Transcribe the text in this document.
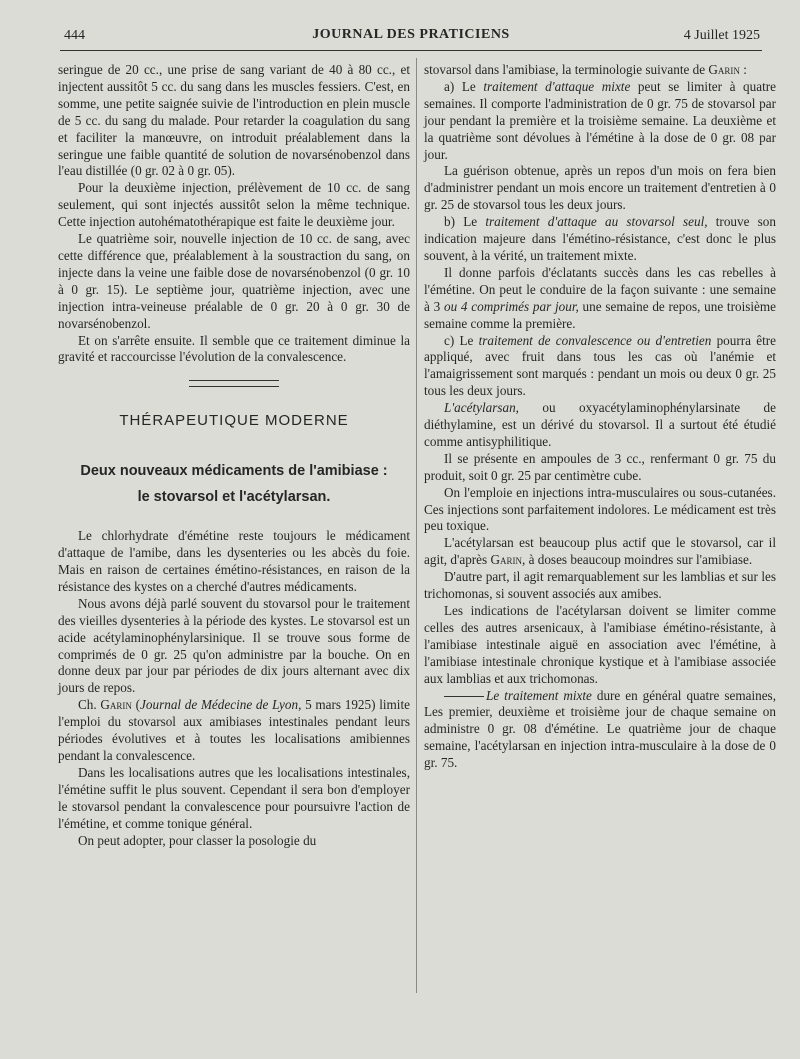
444	JOURNAL DES PRATICIENS	4 Juillet 1925

seringue de 20 cc., une prise de sang variant de 40 à 80 cc., et injectent aussitôt 5 cc. du sang dans les muscles fessiers. C'est, en somme, une petite saignée suivie de l'introduction en plein muscle de 5 cc. du sang du malade. Pour retarder la coagulation du sang et faciliter la manœuvre, on introduit préalablement dans la seringue une faible quantité de solution de novarsénobenzol dans l'eau distillée (0 gr. 02 à 0 gr. 05).

Pour la deuxième injection, prélèvement de 10 cc. de sang seulement, qui sont injectés aussitôt selon la même technique. Cette injection autohématothérapique est faite le deuxième jour.

Le quatrième soir, nouvelle injection de 10 cc. de sang, avec cette différence que, préalablement à la soustraction du sang, on injecte dans la veine une faible dose de novarsénobenzol (0 gr. 10 à 0 gr. 15). Le septième jour, quatrième injection, avec une injection intra-veineuse préalable de 0 gr. 20 à 0 gr. 30 de novarsénobenzol.

Et on s'arrête ensuite. Il semble que ce traitement diminue la gravité et raccourcisse l'évolution de la convalescence.

THÉRAPEUTIQUE MODERNE

Deux nouveaux médicaments de l'amibiase :
le stovarsol et l'acétylarsan.

Le chlorhydrate d'émétine reste toujours le médicament d'attaque de l'amibe, dans les dysenteries ou les abcès du foie. Mais en raison de certaines émétino-résistances, en raison de la résistance des kystes on a cherché d'autres médicaments.

Nous avons déjà parlé souvent du stovarsol pour le traitement des vieilles dysenteries à la période des kystes. Le stovarsol est un acide acétylaminophénylarsinique. Il se trouve sous forme de comprimés de 0 gr. 25 qu'on administre par la bouche. On en donne deux par jour par périodes de dix jours alternant avec dix jours de repos.

Ch. Garin (Journal de Médecine de Lyon, 5 mars 1925) limite l'emploi du stovarsol aux amibiases intestinales pendant leurs périodes évolutives et à toutes les localisations amibiennes pendant la convalescence.

Dans les localisations autres que les localisations intestinales, l'émétine suffit le plus souvent. Cependant il sera bon d'employer le stovarsol pendant la convalescence pour poursuivre l'action de l'émétine, et comme tonique général.

On peut adopter, pour classer la posologie du

stovarsol dans l'amibiase, la terminologie suivante de Garin :

a) Le traitement d'attaque mixte peut se limiter à quatre semaines. Il comporte l'administration de 0 gr. 75 de stovarsol par jour pendant la première et la troisième semaine. La deuxième et la quatrième sont dévolues à l'émétine à la dose de 0 gr. 08 par jour.

La guérison obtenue, après un repos d'un mois on fera bien d'administrer pendant un mois encore un traitement d'entretien à 0 gr. 25 de stovarsol tous les deux jours.

b) Le traitement d'attaque au stovarsol seul, trouve son indication majeure dans l'émétino-résistance, c'est donc le plus souvent, à la vérité, un traitement mixte.

Il donne parfois d'éclatants succès dans les cas rebelles à l'émétine. On peut le conduire de la façon suivante : une semaine à 3 ou 4 comprimés par jour, une semaine de repos, une troisième semaine comme la première.

c) Le traitement de convalescence ou d'entretien pourra être appliqué, avec fruit dans tous les cas où l'anémie et l'amaigrissement sont marqués : pendant un mois ou deux 0 gr. 25 tous les deux jours.

L'acétylarsan, ou oxyacétylaminophénylarsinate de diéthylamine, est un dérivé du stovarsol. Il a surtout été étudié comme antisyphilitique.

Il se présente en ampoules de 3 cc., renfermant 0 gr. 75 du produit, soit 0 gr. 25 par centimètre cube.

On l'emploie en injections intra-musculaires ou sous-cutanées. Ces injections sont parfaitement indolores. Le médicament est très peu toxique.

L'acétylarsan est beaucoup plus actif que le stovarsol, car il agit, d'après Garin, à doses beaucoup moindres sur l'amibiase.

D'autre part, il agit remarquablement sur les lamblias et sur les trichomonas, si souvent associés aux amibes.

Les indications de l'acétylarsan doivent se limiter comme celles des autres arsenicaux, à l'amibiase émétino-résistante, à l'amibiase intestinale aiguë en association avec l'émétine, à l'amibiase intestinale chronique kystique et à l'amibiase associée aux lamblias et aux trichomonas.

Le traitement mixte dure en général quatre semaines, Les premier, deuxième et troisième jour de chaque semaine on administre 0 gr. 08 d'émétine. Le quatrième jour de chaque semaine, l'acétylarsan en injection intra-musculaire à la dose de 0 gr. 75.
